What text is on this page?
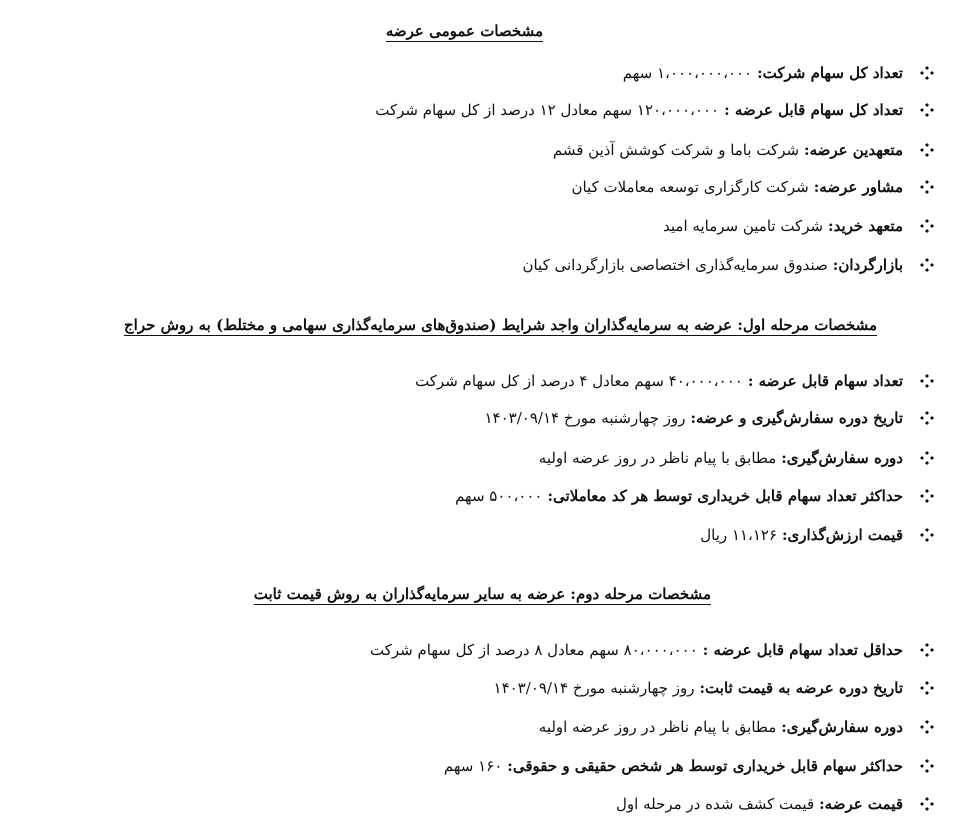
مشخصات عمومی عرضه
تعداد کل سهام شرکت:
۱،۰۰۰،۰۰۰،۰۰۰ سهم
تعداد کل سهام قابل عرضه :
۱۲۰،۰۰۰،۰۰۰ سهم معادل ۱۲ درصد از کل سهام شرکت
متعهدین عرضه:
شرکت باما و شرکت کوشش آذین قشم
مشاور عرضه:
شرکت کارگزاری توسعه معاملات کیان
متعهد خرید:
شرکت تامین سرمایه امید
بازارگردان:
صندوق سرمایه‌گذاری اختصاصی بازارگردانی کیان
مشخصات مرحله اول: عرضه به سرمایه‌گذاران واجد شرایط (صندوق‌های سرمایه‌گذاری سهامی و مختلط) به روش حراج
تعداد سهام قابل عرضه :
۴۰،۰۰۰،۰۰۰ سهم معادل ۴ درصد از کل سهام شرکت
تاریخ دوره سفارش‌گیری و عرضه:
روز چهارشنبه مورخ ۱۴۰۳/۰۹/۱۴
دوره سفارش‌گیری:
مطابق با پیام ناظر در روز عرضه اولیه
حداکثر تعداد سهام قابل خریداری توسط هر کد معاملاتی:
۵۰۰،۰۰۰ سهم
قیمت ارزش‌گذاری:
۱۱،۱۲۶ ریال
مشخصات مرحله دوم: عرضه به سایر سرمایه‌گذاران به روش قیمت ثابت
حداقل تعداد سهام قابل عرضه :
۸۰،۰۰۰،۰۰۰ سهم معادل ۸ درصد از کل سهام شرکت
تاریخ دوره عرضه به قیمت ثابت:
روز چهارشنبه مورخ ۱۴۰۳/۰۹/۱۴
دوره سفارش‌گیری:
مطابق با پیام ناظر در روز عرضه اولیه
حداکثر سهام قابل خریداری توسط هر شخص حقیقی و حقوقی:
۱۶۰ سهم
قیمت عرضه:
قیمت کشف شده در مرحله اول
